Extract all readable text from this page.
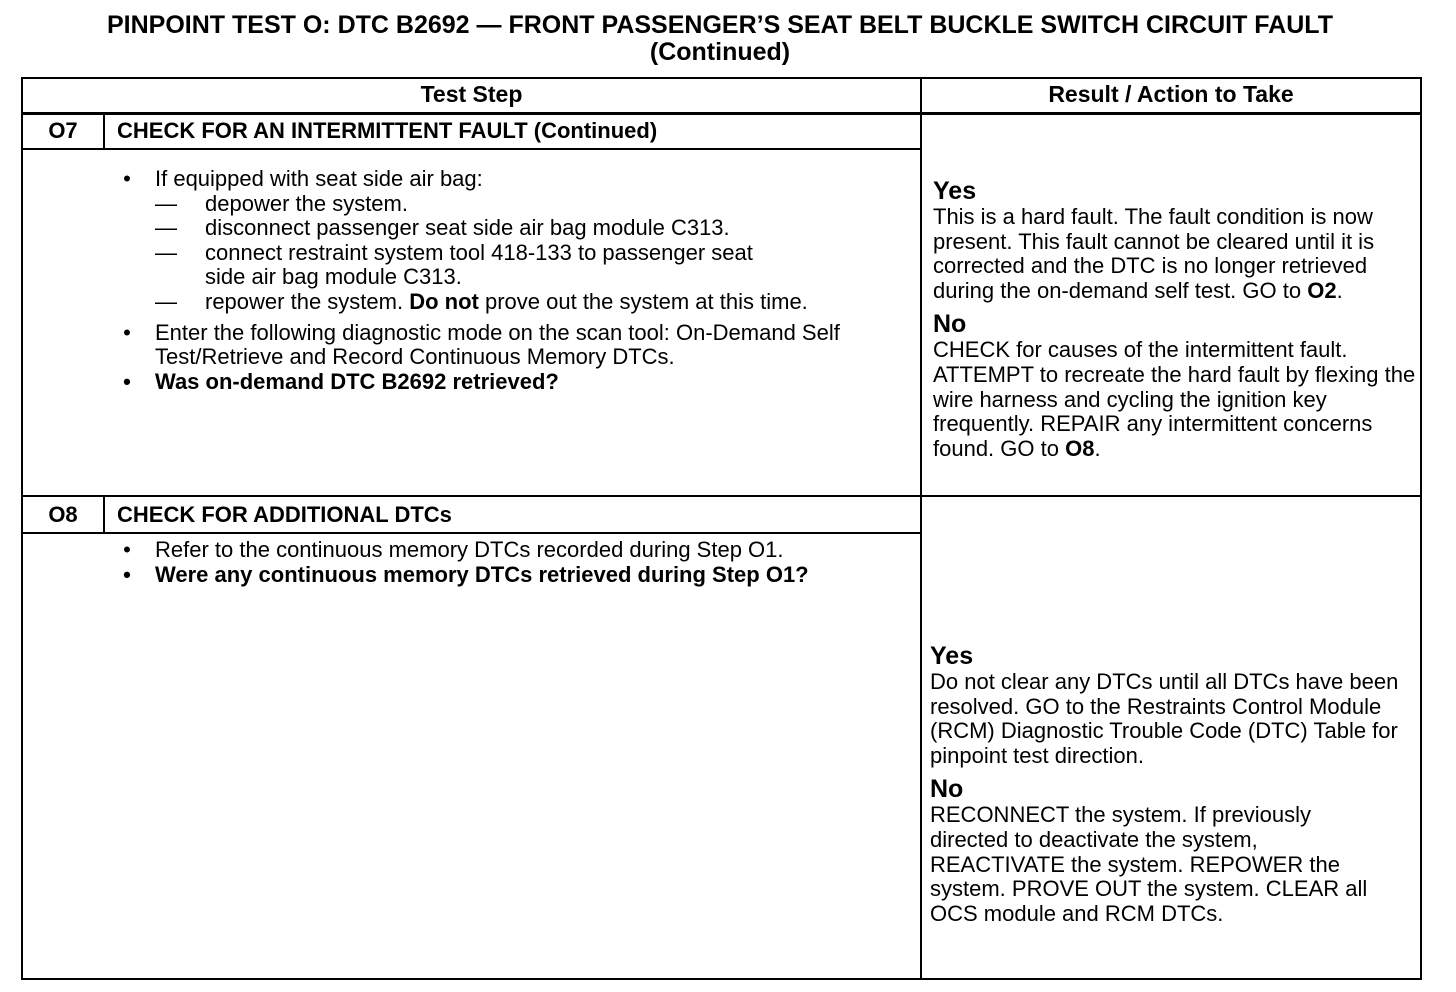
PINPOINT TEST O: DTC B2692 — FRONT PASSENGER’S SEAT BELT BUCKLE SWITCH CIRCUIT FAULT
(Continued)
Test Step	Result / Action to Take
O7	CHECK FOR AN INTERMITTENT FAULT (Continued)
• If equipped with seat side air bag:
— depower the system.
— disconnect passenger seat side air bag module C313.
— connect restraint system tool 418-133 to passenger seat side air bag module C313.
— repower the system. Do not prove out the system at this time.
• Enter the following diagnostic mode on the scan tool: On-Demand Self Test/Retrieve and Record Continuous Memory DTCs.
• Was on-demand DTC B2692 retrieved?
Yes
This is a hard fault. The fault condition is now present. This fault cannot be cleared until it is corrected and the DTC is no longer retrieved during the on-demand self test. GO to O2.
No
CHECK for causes of the intermittent fault. ATTEMPT to recreate the hard fault by flexing the wire harness and cycling the ignition key frequently. REPAIR any intermittent concerns found. GO to O8.
O8	CHECK FOR ADDITIONAL DTCs
• Refer to the continuous memory DTCs recorded during Step O1.
• Were any continuous memory DTCs retrieved during Step O1?
Yes
Do not clear any DTCs until all DTCs have been resolved. GO to the Restraints Control Module (RCM) Diagnostic Trouble Code (DTC) Table for pinpoint test direction.
No
RECONNECT the system. If previously directed to deactivate the system, REACTIVATE the system. REPOWER the system. PROVE OUT the system. CLEAR all OCS module and RCM DTCs.
